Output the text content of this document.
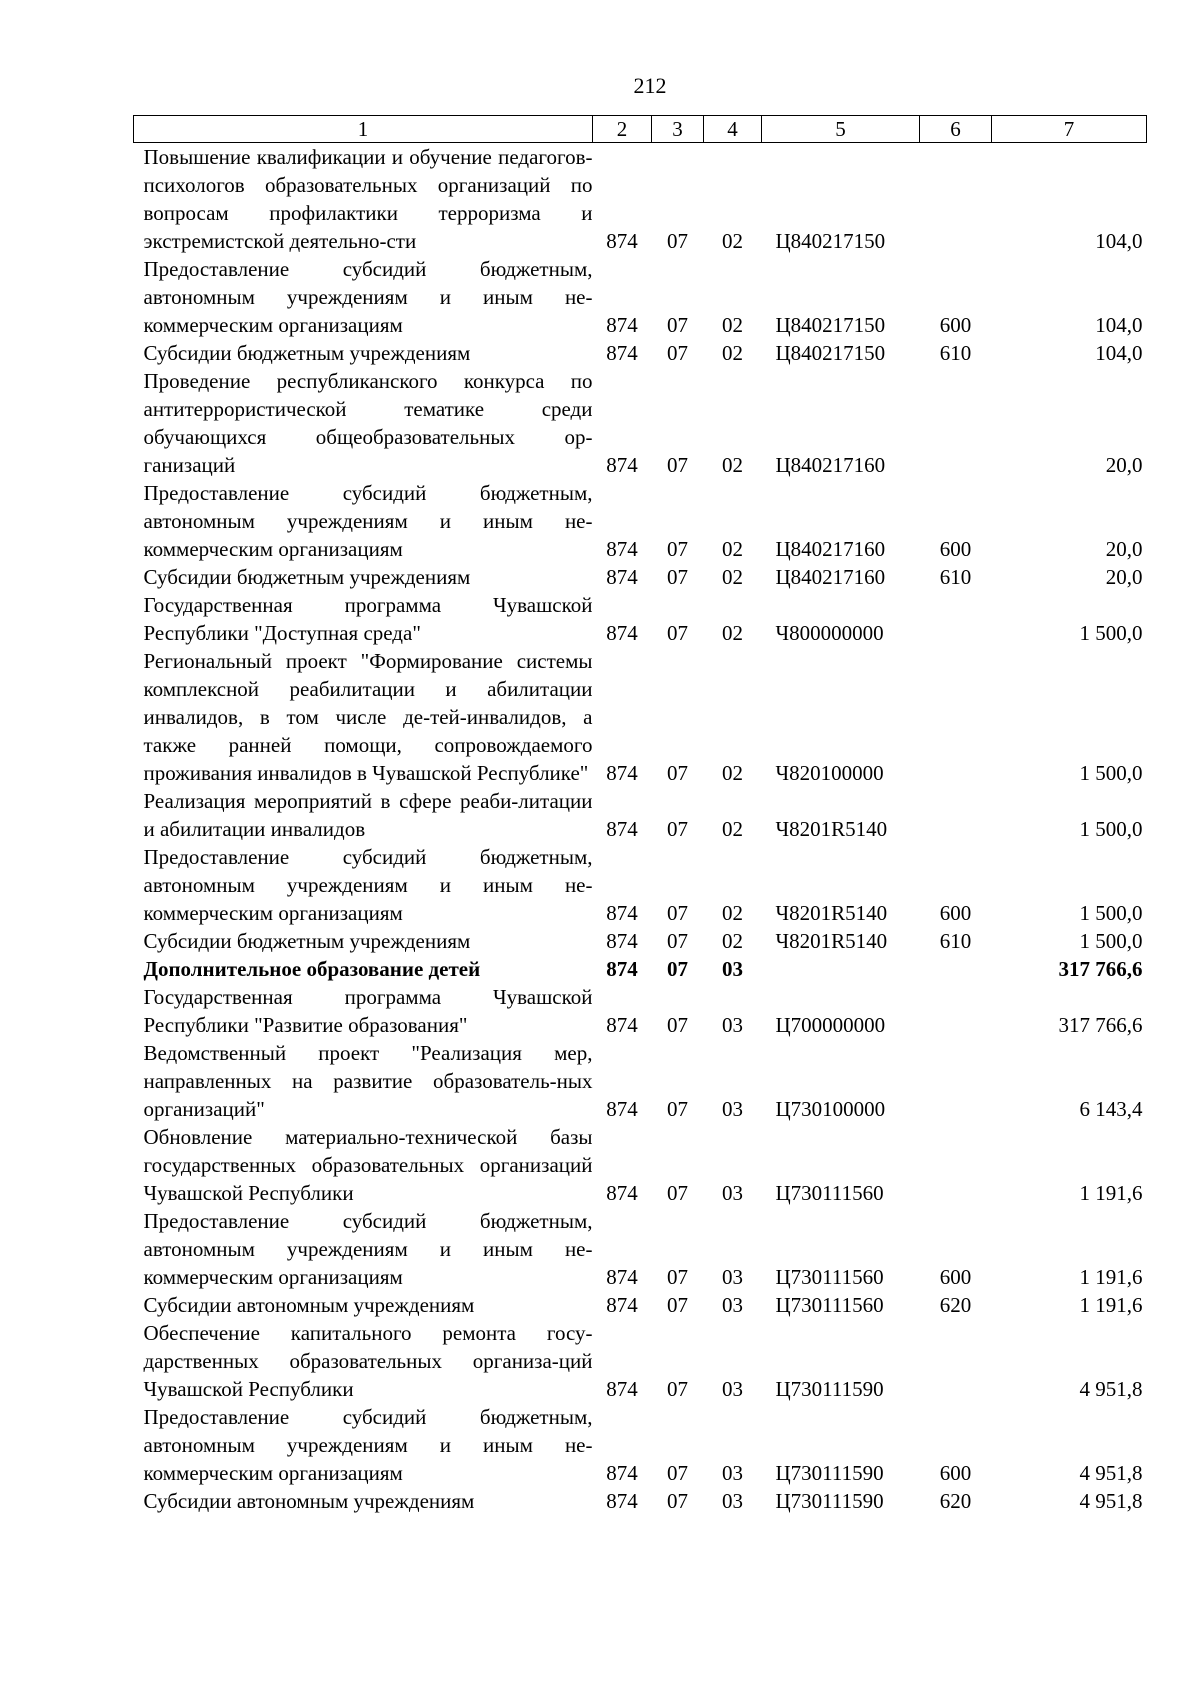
212
1	2	3	4	5	6	7
Повышение квалификации и обучение педагогов-психологов образовательных организаций по вопросам профилактики терроризма и экстремистской деятельно-сти	874	07	02	Ц840217150		104,0
Предоставление субсидий бюджетным, автономным учреждениям и иным не-коммерческим организациям	874	07	02	Ц840217150	600	104,0
Субсидии бюджетным учреждениям	874	07	02	Ц840217150	610	104,0
Проведение республиканского конкурса по антитеррористической тематике среди обучающихся общеобразовательных ор-ганизаций	874	07	02	Ц840217160		20,0
Предоставление субсидий бюджетным, автономным учреждениям и иным не-коммерческим организациям	874	07	02	Ц840217160	600	20,0
Субсидии бюджетным учреждениям	874	07	02	Ц840217160	610	20,0
Государственная программа Чувашской Республики "Доступная среда"	874	07	02	Ч800000000		1 500,0
Региональный проект "Формирование системы комплексной реабилитации и абилитации инвалидов, в том числе де-тей-инвалидов, а также ранней помощи, сопровождаемого проживания инвалидов в Чувашской Республике"	874	07	02	Ч820100000		1 500,0
Реализация мероприятий в сфере реаби-литации и абилитации инвалидов	874	07	02	Ч8201R5140		1 500,0
Предоставление субсидий бюджетным, автономным учреждениям и иным не-коммерческим организациям	874	07	02	Ч8201R5140	600	1 500,0
Субсидии бюджетным учреждениям	874	07	02	Ч8201R5140	610	1 500,0
Дополнительное образование детей	874	07	03			317 766,6
Государственная программа Чувашской Республики "Развитие образования"	874	07	03	Ц700000000		317 766,6
Ведомственный проект "Реализация мер, направленных на развитие образователь-ных организаций"	874	07	03	Ц730100000		6 143,4
Обновление материально-технической базы государственных образовательных организаций Чувашской Республики	874	07	03	Ц730111560		1 191,6
Предоставление субсидий бюджетным, автономным учреждениям и иным не-коммерческим организациям	874	07	03	Ц730111560	600	1 191,6
Субсидии автономным учреждениям	874	07	03	Ц730111560	620	1 191,6
Обеспечение капитального ремонта госу-дарственных образовательных организа-ций Чувашской Республики	874	07	03	Ц730111590		4 951,8
Предоставление субсидий бюджетным, автономным учреждениям и иным не-коммерческим организациям	874	07	03	Ц730111590	600	4 951,8
Субсидии автономным учреждениям	874	07	03	Ц730111590	620	4 951,8
